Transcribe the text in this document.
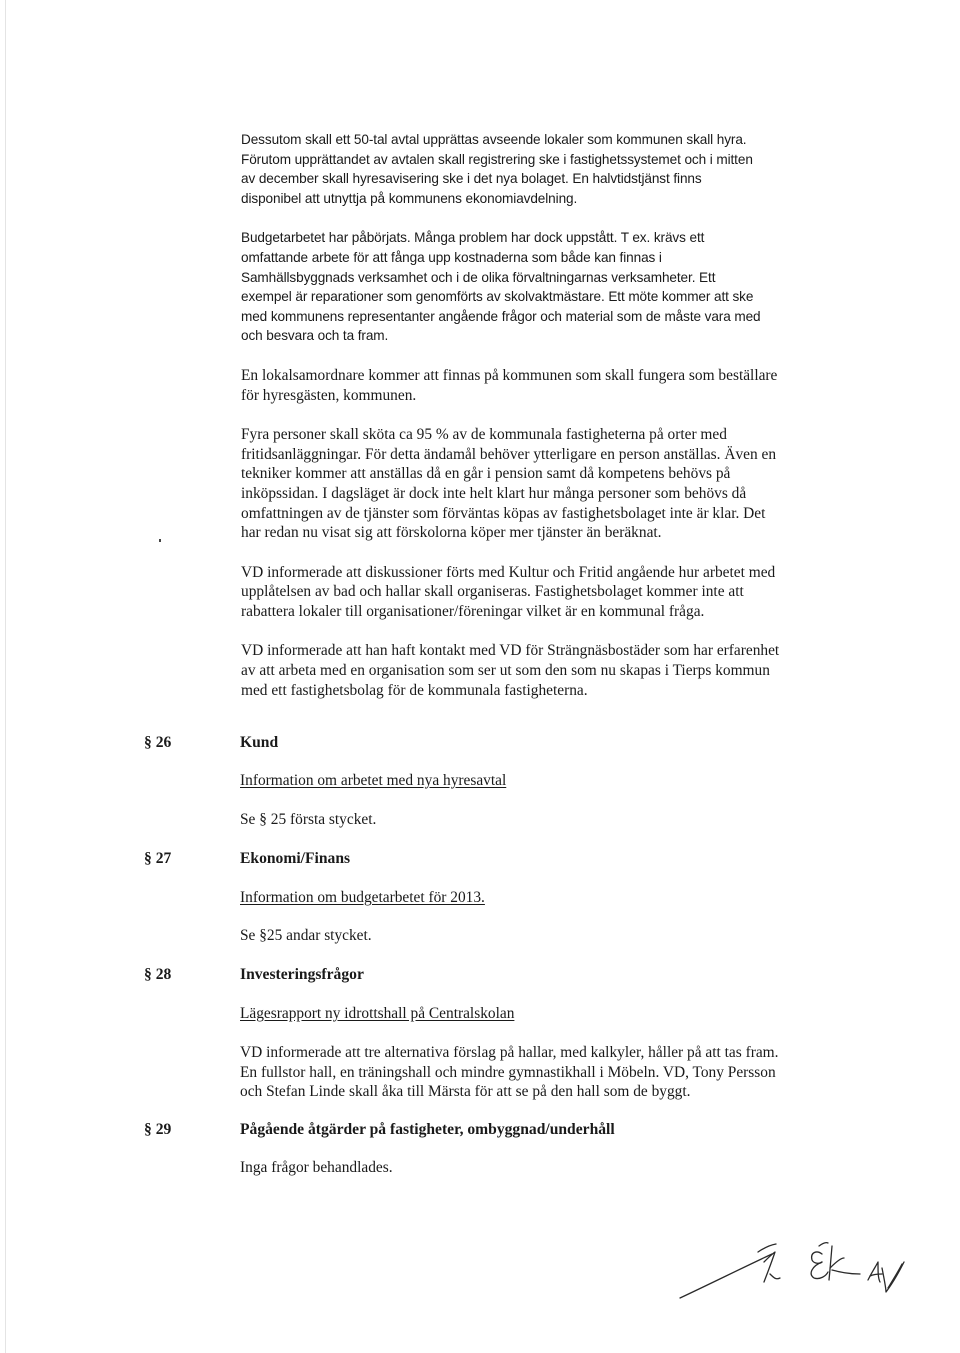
Dessutom skall ett 50-tal avtal upprättas avseende lokaler som kommunen skall hyra.
Förutom upprättandet av avtalen skall registrering ske i fastighetssystemet och i mitten
av december skall hyresavisering ske i det nya bolaget. En halvtidstjänst finns
disponibel att utnyttja på kommunens ekonomiavdelning.

Budgetarbetet har påbörjats. Många problem har dock uppstått. T ex. krävs ett
omfattande arbete för att fånga upp kostnaderna som både kan finnas i
Samhällsbyggnads verksamhet och i de olika förvaltningarnas verksamheter. Ett
exempel är reparationer som genomförts av skolvaktmästare. Ett möte kommer att ske
med kommunens representanter angående frågor och material som de måste vara med
och besvara och ta fram.

En lokalsamordnare kommer att finnas på kommunen som skall fungera som beställare
för hyresgästen, kommunen.

Fyra personer skall sköta ca 95 % av de kommunala fastigheterna på orter med
fritidsanläggningar. För detta ändamål behöver ytterligare en person anställas. Även en
tekniker kommer att anställas då en går i pension samt då kompetens behövs på
inköpssidan. I dagsläget är dock inte helt klart hur många personer som behövs då
omfattningen av de tjänster som förväntas köpas av fastighetsbolaget inte är klar. Det
har redan nu visat sig att förskolorna köper mer tjänster än beräknat.

VD informerade att diskussioner förts med Kultur och Fritid angående hur arbetet med
upplåtelsen av bad och hallar skall organiseras. Fastighetsbolaget kommer inte att
rabattera lokaler till organisationer/föreningar vilket är en kommunal fråga.

VD informerade att han haft kontakt med VD för Strängnäsbostäder som har erfarenhet
av att arbeta med en organisation som ser ut som den som nu skapas i Tierps kommun
med ett fastighetsbolag för de kommunala fastigheterna.

§ 26	Kund
Information om arbetet med nya hyresavtal
Se § 25 första stycket.
§ 27	Ekonomi/Finans
Information om budgetarbetet för 2013.
Se §25 andar stycket.
§ 28	Investeringsfrågor
Lägesrapport ny idrottshall på Centralskolan
VD informerade att tre alternativa förslag på hallar, med kalkyler, håller på att tas fram.
En fullstor hall, en träningshall och mindre gymnastikhall i Möbeln. VD, Tony Persson
och Stefan Linde skall åka till Märsta för att se på den hall som de byggt.
§ 29	Pågående åtgärder på fastigheter, ombyggnad/underhåll
Inga frågor behandlades.
